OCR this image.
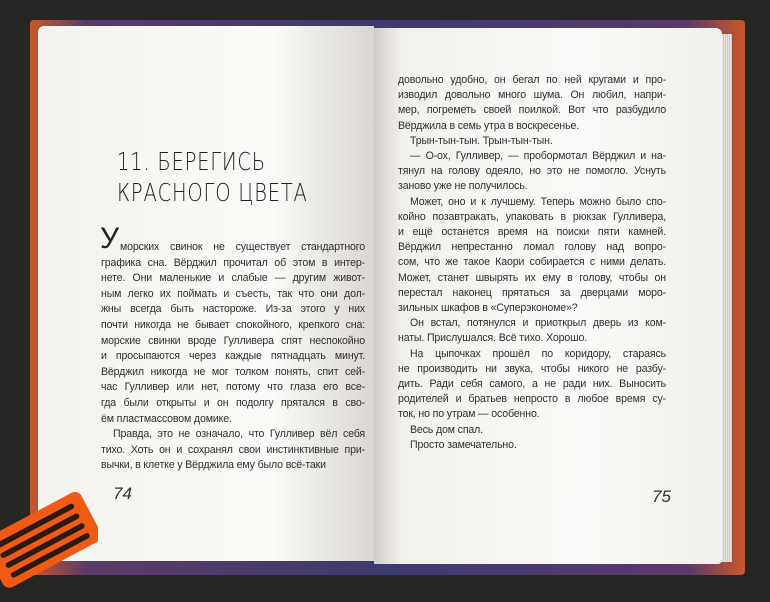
11. БЕРЕГИСЬ
КРАСНОГО ЦВЕТА
У морских свинок не существует стандартного
графика сна. Вёрджил прочитал об этом в интер-
нете. Они маленькие и слабые — другим живот-
ным легко их поймать и съесть, так что они дол-
жны всегда быть настороже. Из-за этого у них
почти никогда не бывает спокойного, крепкого сна:
морские свинки вроде Гулливера спят неспокойно
и просыпаются через каждые пятнадцать минут.
Вёрджил никогда не мог толком понять, спит сей-
час Гулливер или нет, потому что глаза его все-
гда были открыты и он подолгу прятался в сво-
ём пластмассовом домике.
Правда, это не означало, что Гулливер вёл себя
тихо. Хоть он и сохранял свои инстинктивные при-
вычки, в клетке у Вёрджила ему было всё-таки
довольно удобно, он бегал по ней кругами и про-
изводил довольно много шума. Он любил, напри-
мер, погреметь своей поилкой. Вот что разбудило
Вёрджила в семь утра в воскресенье.
Трын-тын-тын. Трын-тын-тын.
— О-ох, Гулливер, — пробормотал Вёрджил и на-
тянул на голову одеяло, но это не помогло. Уснуть
заново уже не получилось.
Может, оно и к лучшему. Теперь можно было спо-
койно позавтракать, упаковать в рюкзак Гулливера,
и ещё останется время на поиски пяти камней.
Вёрджил непрестанно ломал голову над вопро-
сом, что же такое Каори собирается с ними делать.
Может, станет швырять их ему в голову, чтобы он
перестал наконец прятаться за дверцами моро-
зильных шкафов в «Суперэкономе»?
Он встал, потянулся и приоткрыл дверь из ком-
наты. Прислушался. Всё тихо. Хорошо.
На цыпочках прошёл по коридору, стараясь
не производить ни звука, чтобы никого не разбу-
дить. Ради себя самого, а не ради них. Выносить
родителей и братьев непросто в любое время су-
ток, но по утрам — особенно.
Весь дом спал.
Просто замечательно.
74	75
